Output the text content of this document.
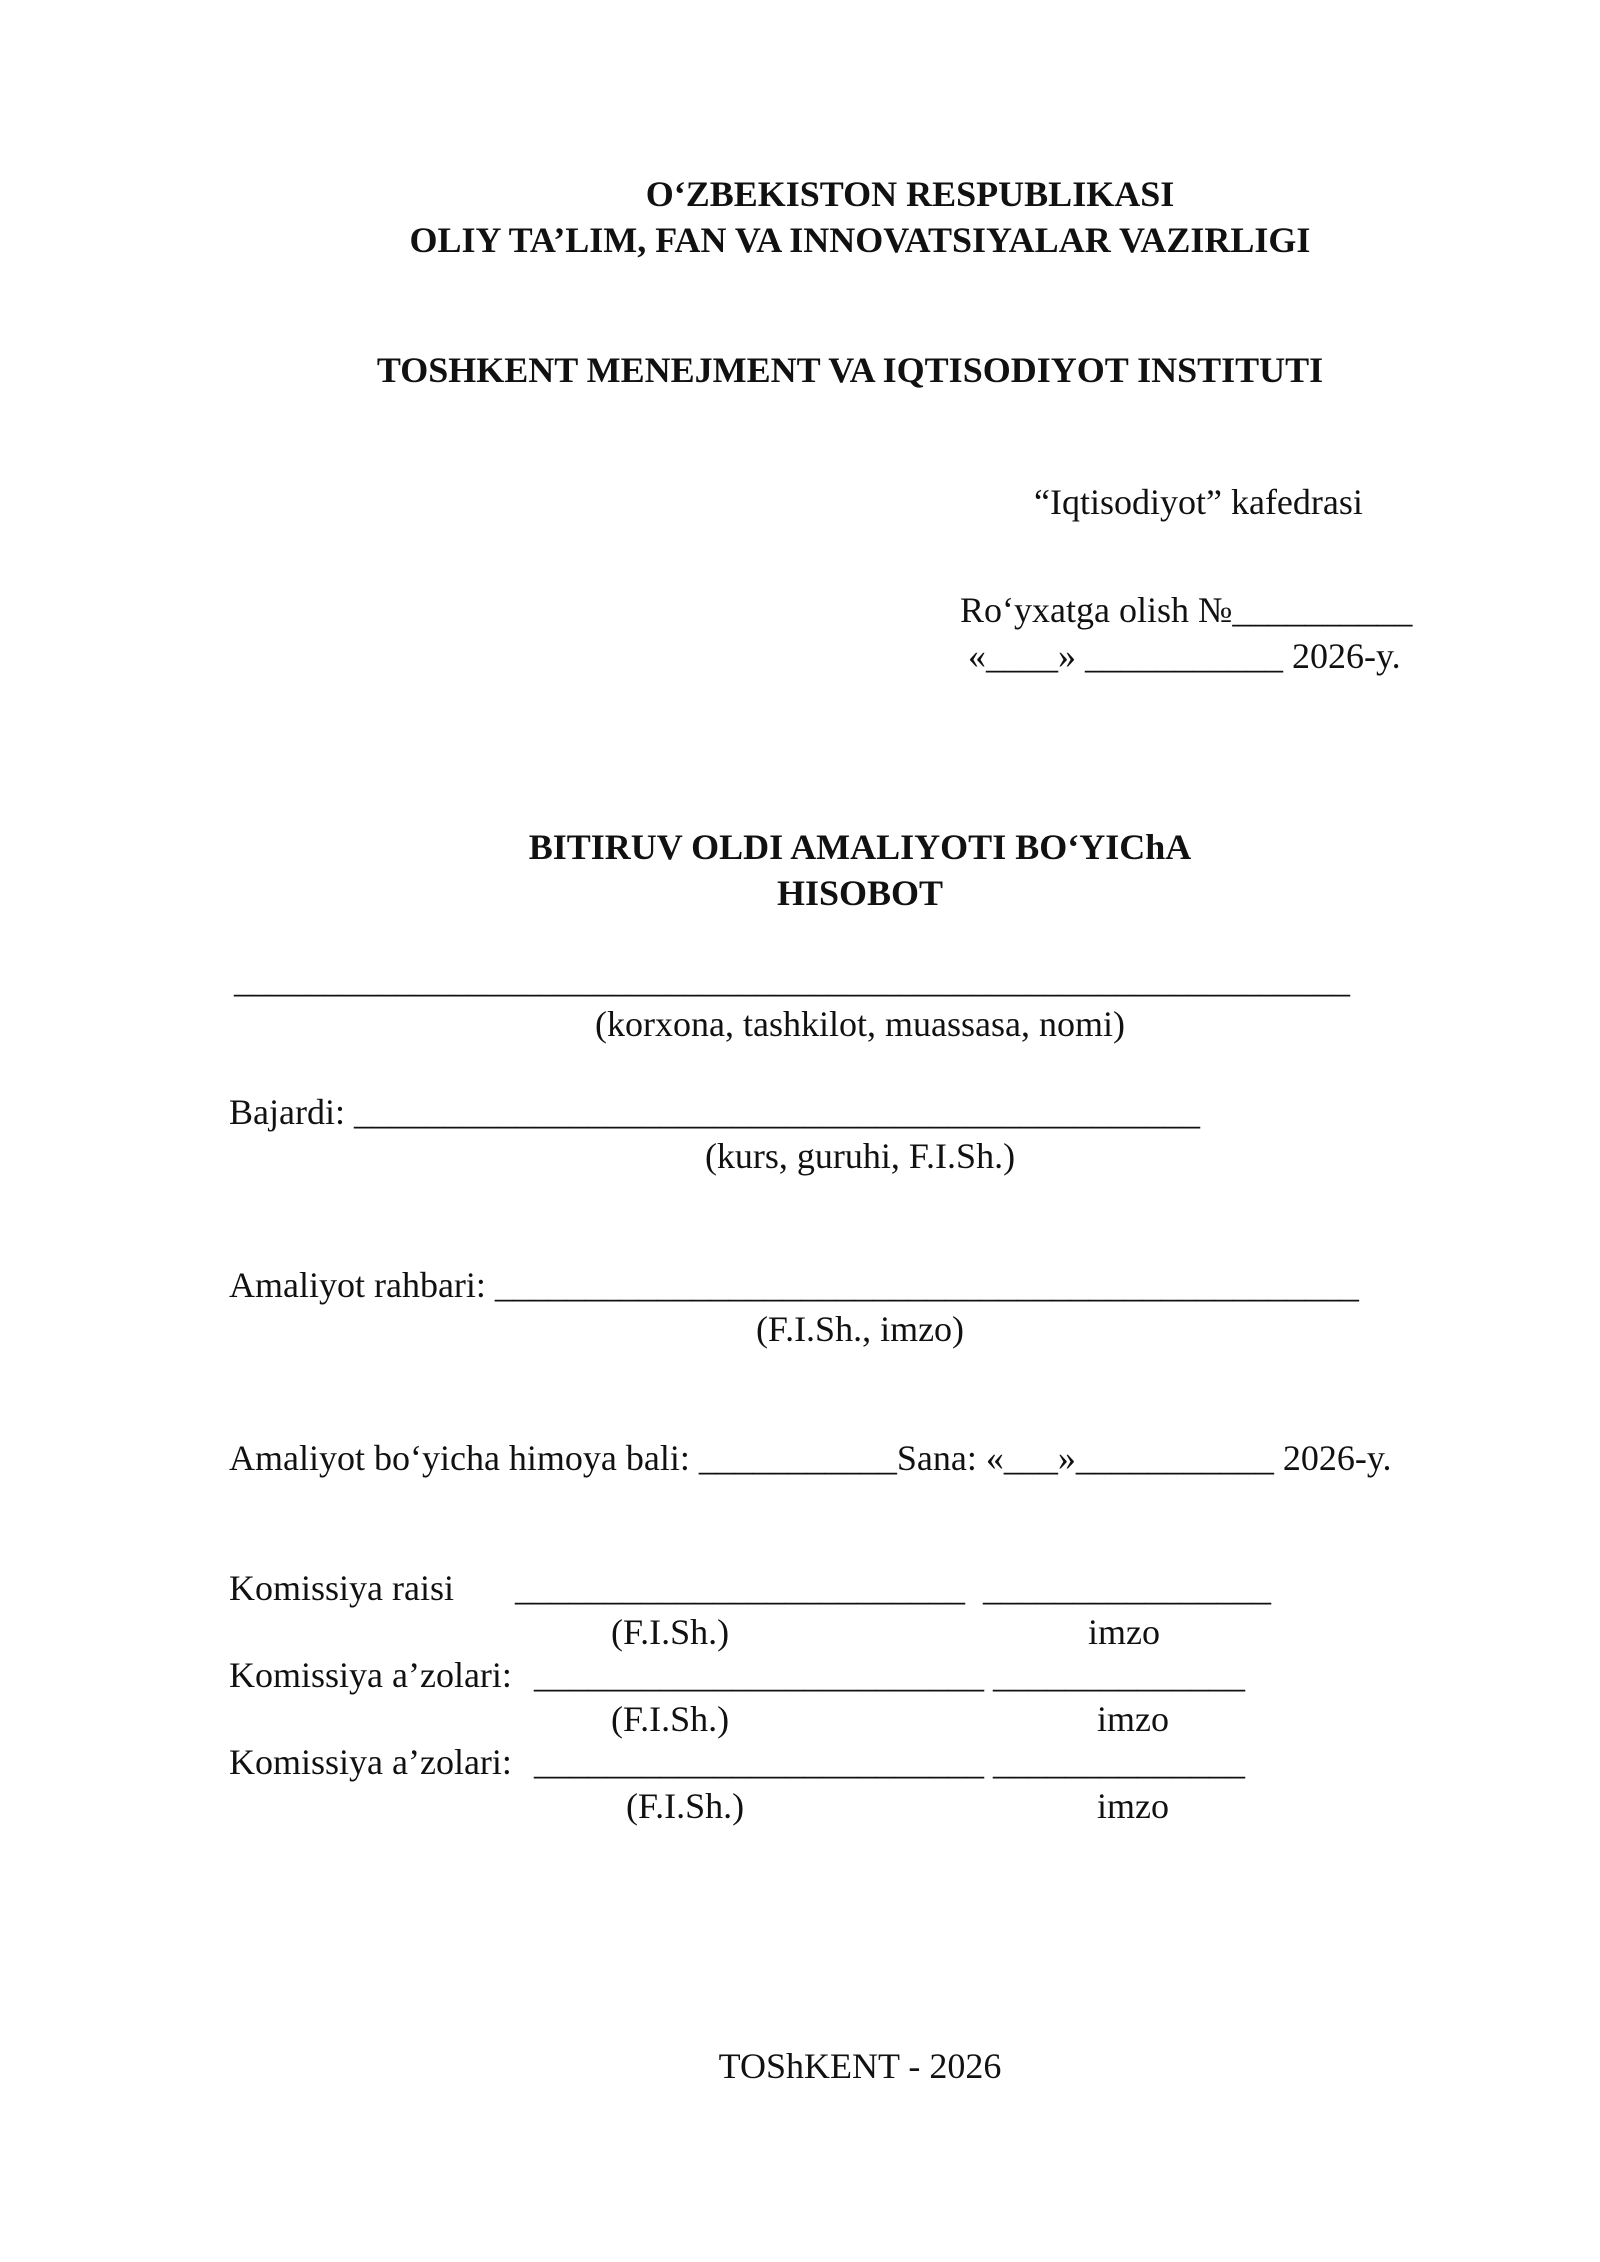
O‘ZBEKISTON RESPUBLIKASI
OLIY TA’LIM, FAN VA INNOVATSIYALAR VAZIRLIGI
TOSHKENT MENEJMENT VA IQTISODIYOT INSTITUTI
“Iqtisodiyot” kafedrasi
Ro‘yxatga olish №__________
«____» ___________ 2026-y.
BITIRUV OLDI AMALIYOTI BO‘YIChA
HISOBOT
______________________________________________________________
(korxona, tashkilot, muassasa, nomi)
Bajardi: _______________________________________________
(kurs, guruhi, F.I.Sh.)
Amaliyot rahbari: ________________________________________________
(F.I.Sh., imzo)
Amaliyot bo‘yicha himoya bali: ___________Sana: «___»___________ 2026-y.
Komissiya raisi _________________________  ________________
(F.I.Sh.)	imzo
Komissiya a’zolari: _________________________ ______________
(F.I.Sh.)	imzo
Komissiya a’zolari: _________________________ ______________
(F.I.Sh.)	imzo
TOShKENT - 2026
